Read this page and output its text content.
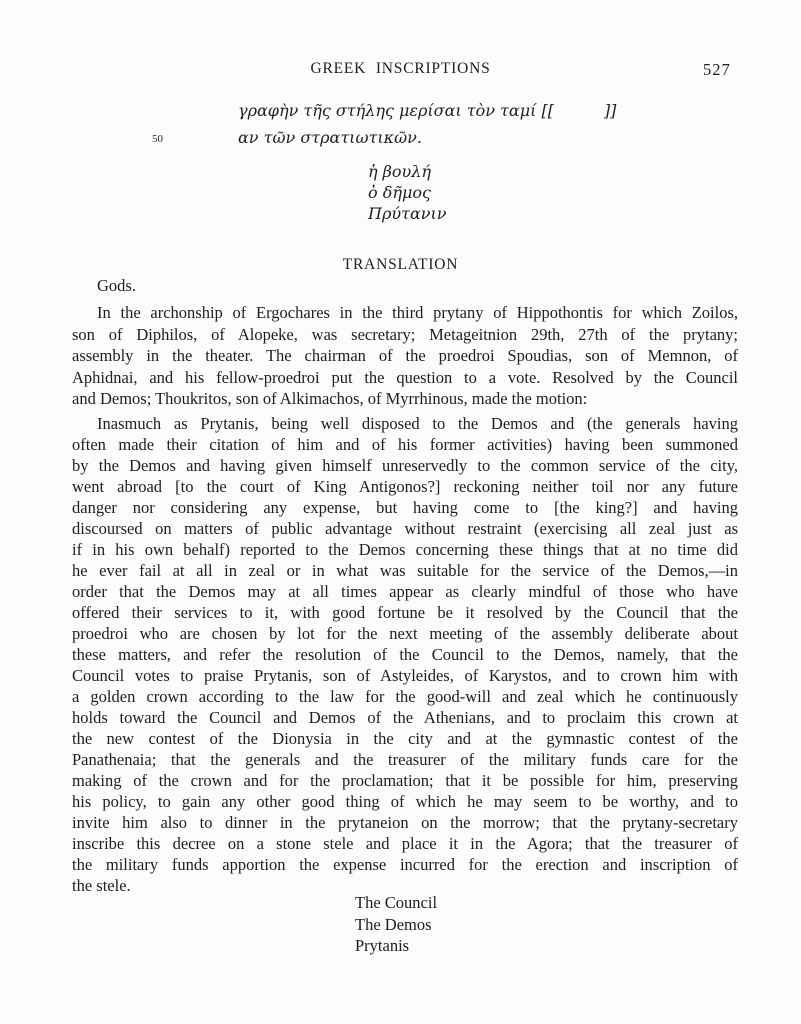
GREEK INSCRIPTIONS	527
γραφὴν τῆς στήλης μερίσαι τὸν ταμί [[	]]
50	αν τῶν στρατιωτικῶν.
ἡ βουλή
ὁ δῆμος
Πρύτανιν
TRANSLATION
Gods.
In the archonship of Ergochares in the third prytany of Hippothontis for which Zoilos,
son of Diphilos, of Alopeke, was secretary; Metageitnion 29th, 27th of the prytany;
assembly in the theater. The chairman of the proedroi Spoudias, son of Memnon, of
Aphidnai, and his fellow-proedroi put the question to a vote. Resolved by the Council
and Demos; Thoukritos, son of Alkimachos, of Myrrhinous, made the motion:
Inasmuch as Prytanis, being well disposed to the Demos and (the generals having
often made their citation of him and of his former activities) having been summoned
by the Demos and having given himself unreservedly to the common service of the city,
went abroad [to the court of King Antigonos?] reckoning neither toil nor any future
danger nor considering any expense, but having come to [the king?] and having
discoursed on matters of public advantage without restraint (exercising all zeal just as
if in his own behalf) reported to the Demos concerning these things that at no time did
he ever fail at all in zeal or in what was suitable for the service of the Demos,—in
order that the Demos may at all times appear as clearly mindful of those who have
offered their services to it, with good fortune be it resolved by the Council that the
proedroi who are chosen by lot for the next meeting of the assembly deliberate about
these matters, and refer the resolution of the Council to the Demos, namely, that the
Council votes to praise Prytanis, son of Astyleides, of Karystos, and to crown him with
a golden crown according to the law for the good-will and zeal which he continuously
holds toward the Council and Demos of the Athenians, and to proclaim this crown at
the new contest of the Dionysia in the city and at the gymnastic contest of the
Panathenaia; that the generals and the treasurer of the military funds care for the
making of the crown and for the proclamation; that it be possible for him, preserving
his policy, to gain any other good thing of which he may seem to be worthy, and to
invite him also to dinner in the prytaneion on the morrow; that the prytany-secretary
inscribe this decree on a stone stele and place it in the Agora; that the treasurer of
the military funds apportion the expense incurred for the erection and inscription of
the stele.
The Council
The Demos
Prytanis
